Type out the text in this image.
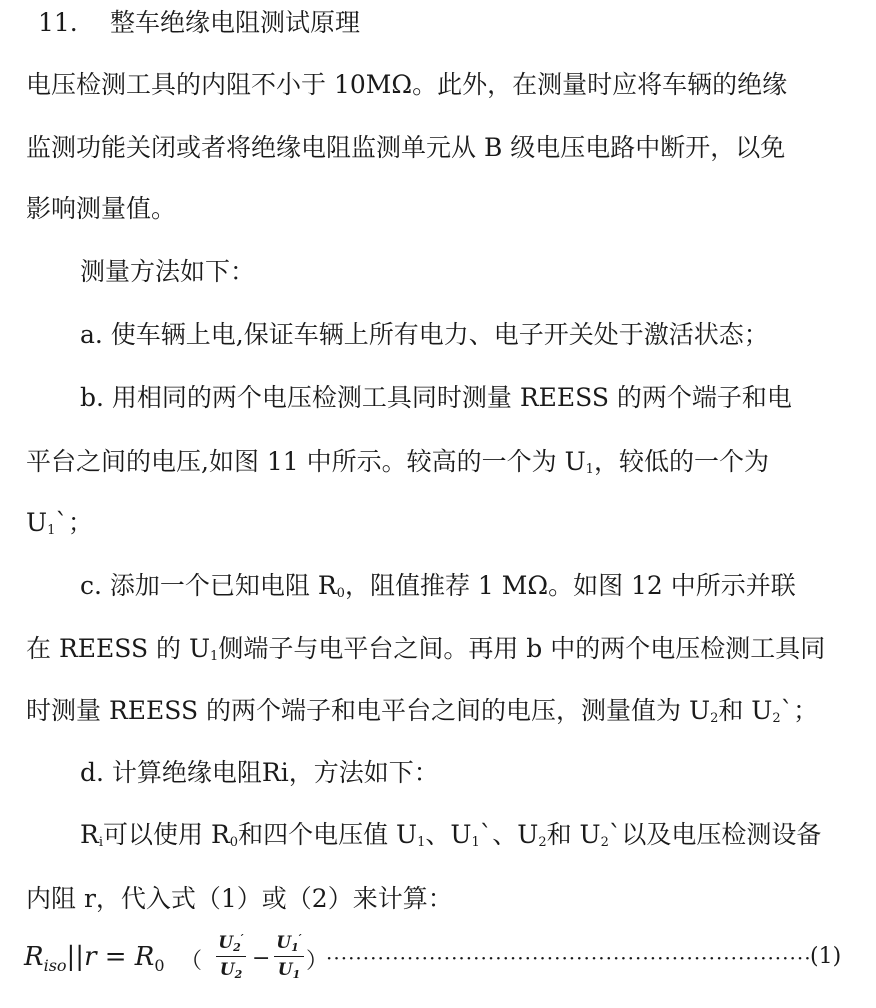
11. 整车绝缘电阻测试原理
电压检测工具的内阻不小于 10MΩ。此外，在测量时应将车辆的绝缘
监测功能关闭或者将绝缘电阻监测单元从 B 级电压电路中断开，以免
影响测量值。
测量方法如下：
a. 使车辆上电,保证车辆上所有电力、电子开关处于激活状态；
b. 用相同的两个电压检测工具同时测量 REESS 的两个端子和电
平台之间的电压,如图 11 中所示。较高的一个为 $U_1$，较低的一个为
$U_1`$；
c. 添加一个已知电阻 $R_0$，阻值推荐 1 MΩ。如图 12 中所示并联
在 REESS 的 $U_1$侧端子与电平台之间。再用 b 中的两个电压检测工具同
时测量 REESS 的两个端子和电平台之间的电压，测量值为 $U_2$和 $U_2`$；
d. 计算绝缘电阻Ri，方法如下：
$R_i$可以使用 $R_0$和四个电压值 $U_1$、$U_1`$、$U_2$和 $U_2`$以及电压检测设备
内阻 r，代入式（1）或（2）来计算：
$R_{iso}||r = R_0$ （
$U_2'$
$U_2$
−
$U_1'$
$U_1$
）
··································································
(1)
